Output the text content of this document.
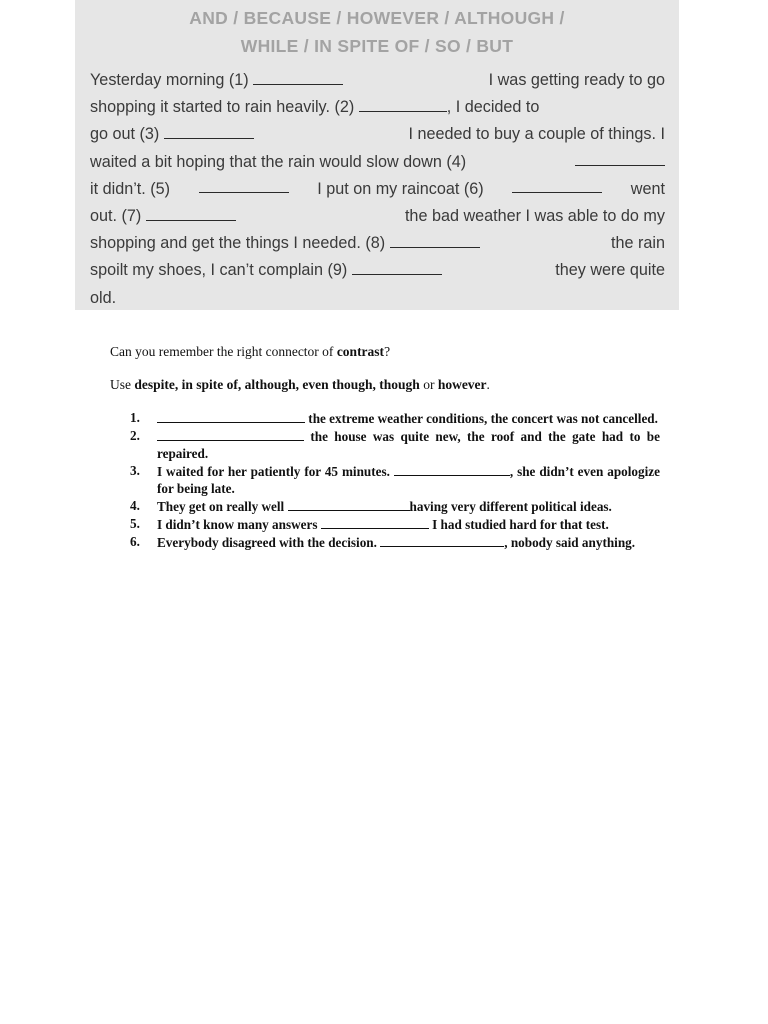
AND / BECAUSE / HOWEVER / ALTHOUGH /
WHILE / IN SPITE OF / SO / BUT
Yesterday morning (1)	I was getting ready to go
shopping it started to rain heavily. (2)	, I decided to
go out (3)	I needed to buy a couple of things. I
waited a bit hoping that the rain would slow down (4)
it didn’t. (5)	I put on my raincoat (6)	went
out. (7)	the bad weather I was able to do my
shopping and get the things I needed. (8)	the rain
spoilt my shoes, I can’t complain (9)	they were quite
old.
Can you remember the right connector of contrast?
Use despite, in spite of, although, even though, though or however.
1.	the extreme weather conditions, the concert was not cancelled.
2.	the house was quite new, the roof and the gate had to be repaired.
3.	I waited for her patiently for 45 minutes.	, she didn’t even apologize for being late.
4.	They get on really well	having very different political ideas.
5.	I didn’t know many answers	I had studied hard for that test.
6.	Everybody disagreed with the decision.	, nobody said anything.
